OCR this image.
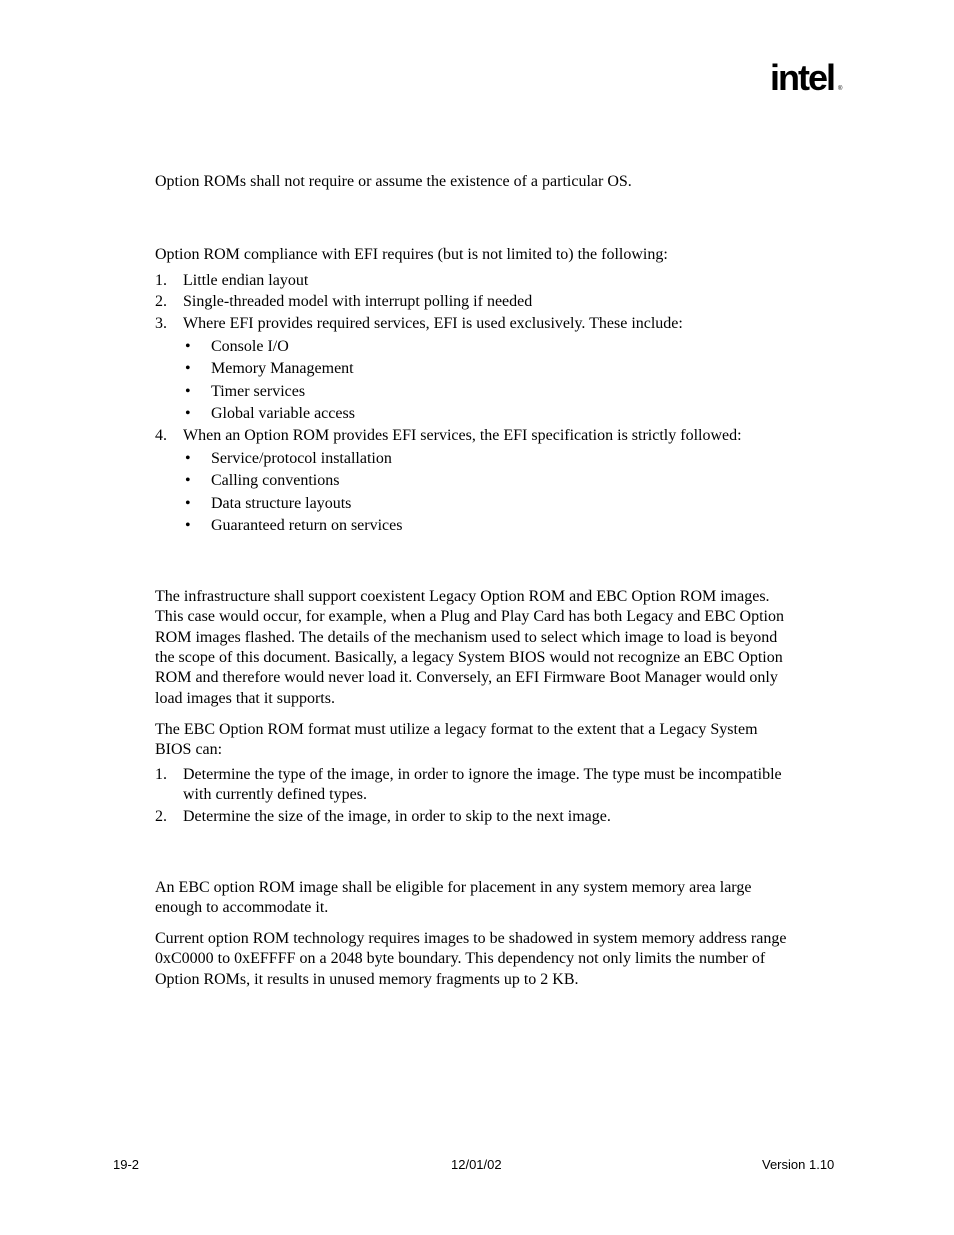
intel ®

Option ROMs shall not require or assume the existence of a particular OS.

Option ROM compliance with EFI requires (but is not limited to) the following:

1. Little endian layout
2. Single-threaded model with interrupt polling if needed
3. Where EFI provides required services, EFI is used exclusively. These include:
• Console I/O
• Memory Management
• Timer services
• Global variable access
4. When an Option ROM provides EFI services, the EFI specification is strictly followed:
• Service/protocol installation
• Calling conventions
• Data structure layouts
• Guaranteed return on services
The infrastructure shall support coexistent Legacy Option ROM and EBC Option ROM images.
This case would occur, for example, when a Plug and Play Card has both Legacy and EBC Option
ROM images flashed. The details of the mechanism used to select which image to load is beyond
the scope of this document. Basically, a legacy System BIOS would not recognize an EBC Option
ROM and therefore would never load it. Conversely, an EFI Firmware Boot Manager would only
load images that it supports.
The EBC Option ROM format must utilize a legacy format to the extent that a Legacy System
BIOS can:
1. Determine the type of the image, in order to ignore the image. The type must be incompatible
with currently defined types.
2. Determine the size of the image, in order to skip to the next image.
An EBC option ROM image shall be eligible for placement in any system memory area large
enough to accommodate it.
Current option ROM technology requires images to be shadowed in system memory address range
0xC0000 to 0xEFFFF on a 2048 byte boundary. This dependency not only limits the number of
Option ROMs, it results in unused memory fragments up to 2 KB.
19-2	12/01/02	Version 1.10
